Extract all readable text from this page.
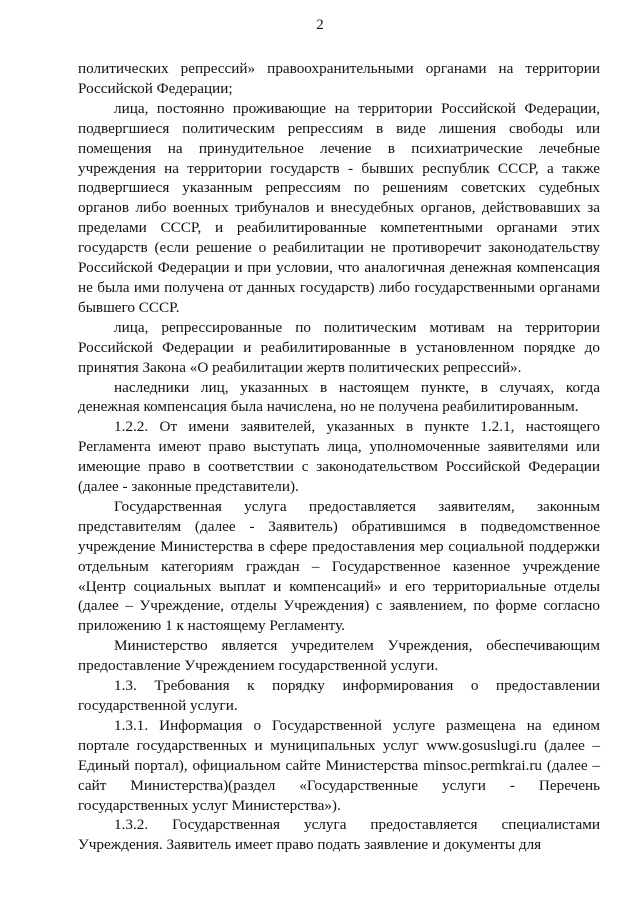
2

политических репрессий» правоохранительными органами на территории Российской Федерации;

лица, постоянно проживающие на территории Российской Федерации, подвергшиеся политическим репрессиям в виде лишения свободы или помещения на принудительное лечение в психиатрические лечебные учреждения на территории государств - бывших республик СССР, а также подвергшиеся указанным репрессиям по решениям советских судебных органов либо военных трибуналов и внесудебных органов, действовавших за пределами СССР, и реабилитированные компетентными органами этих государств (если решение о реабилитации не противоречит законодательству Российской Федерации и при условии, что аналогичная денежная компенсация не была ими получена от данных государств) либо государственными органами бывшего СССР.

лица, репрессированные по политическим мотивам на территории Российской Федерации и реабилитированные в установленном порядке до принятия Закона «О реабилитации жертв политических репрессий».

наследники лиц, указанных в настоящем пункте, в случаях, когда денежная компенсация была начислена, но не получена реабилитированным.

1.2.2. От имени заявителей, указанных в пункте 1.2.1, настоящего Регламента имеют право выступать лица, уполномоченные заявителями или имеющие право в соответствии с законодательством Российской Федерации (далее - законные представители).

Государственная услуга предоставляется заявителям, законным представителям (далее - Заявитель) обратившимся в подведомственное учреждение Министерства в сфере предоставления мер социальной поддержки отдельным категориям граждан – Государственное казенное учреждение «Центр социальных выплат и компенсаций» и его территориальные отделы (далее – Учреждение, отделы Учреждения) с заявлением, по форме согласно приложению 1 к настоящему Регламенту.

Министерство является учредителем Учреждения, обеспечивающим предоставление Учреждением государственной услуги.

1.3. Требования к порядку информирования о предоставлении государственной услуги.

1.3.1. Информация о Государственной услуге размещена на едином портале государственных и муниципальных услуг www.gosuslugi.ru (далее – Единый портал), официальном сайте Министерства minsoc.permkrai.ru (далее – сайт Министерства)(раздел «Государственные услуги - Перечень государственных услуг Министерства»).

1.3.2. Государственная услуга предоставляется специалистами Учреждения. Заявитель имеет право подать заявление и документы для
